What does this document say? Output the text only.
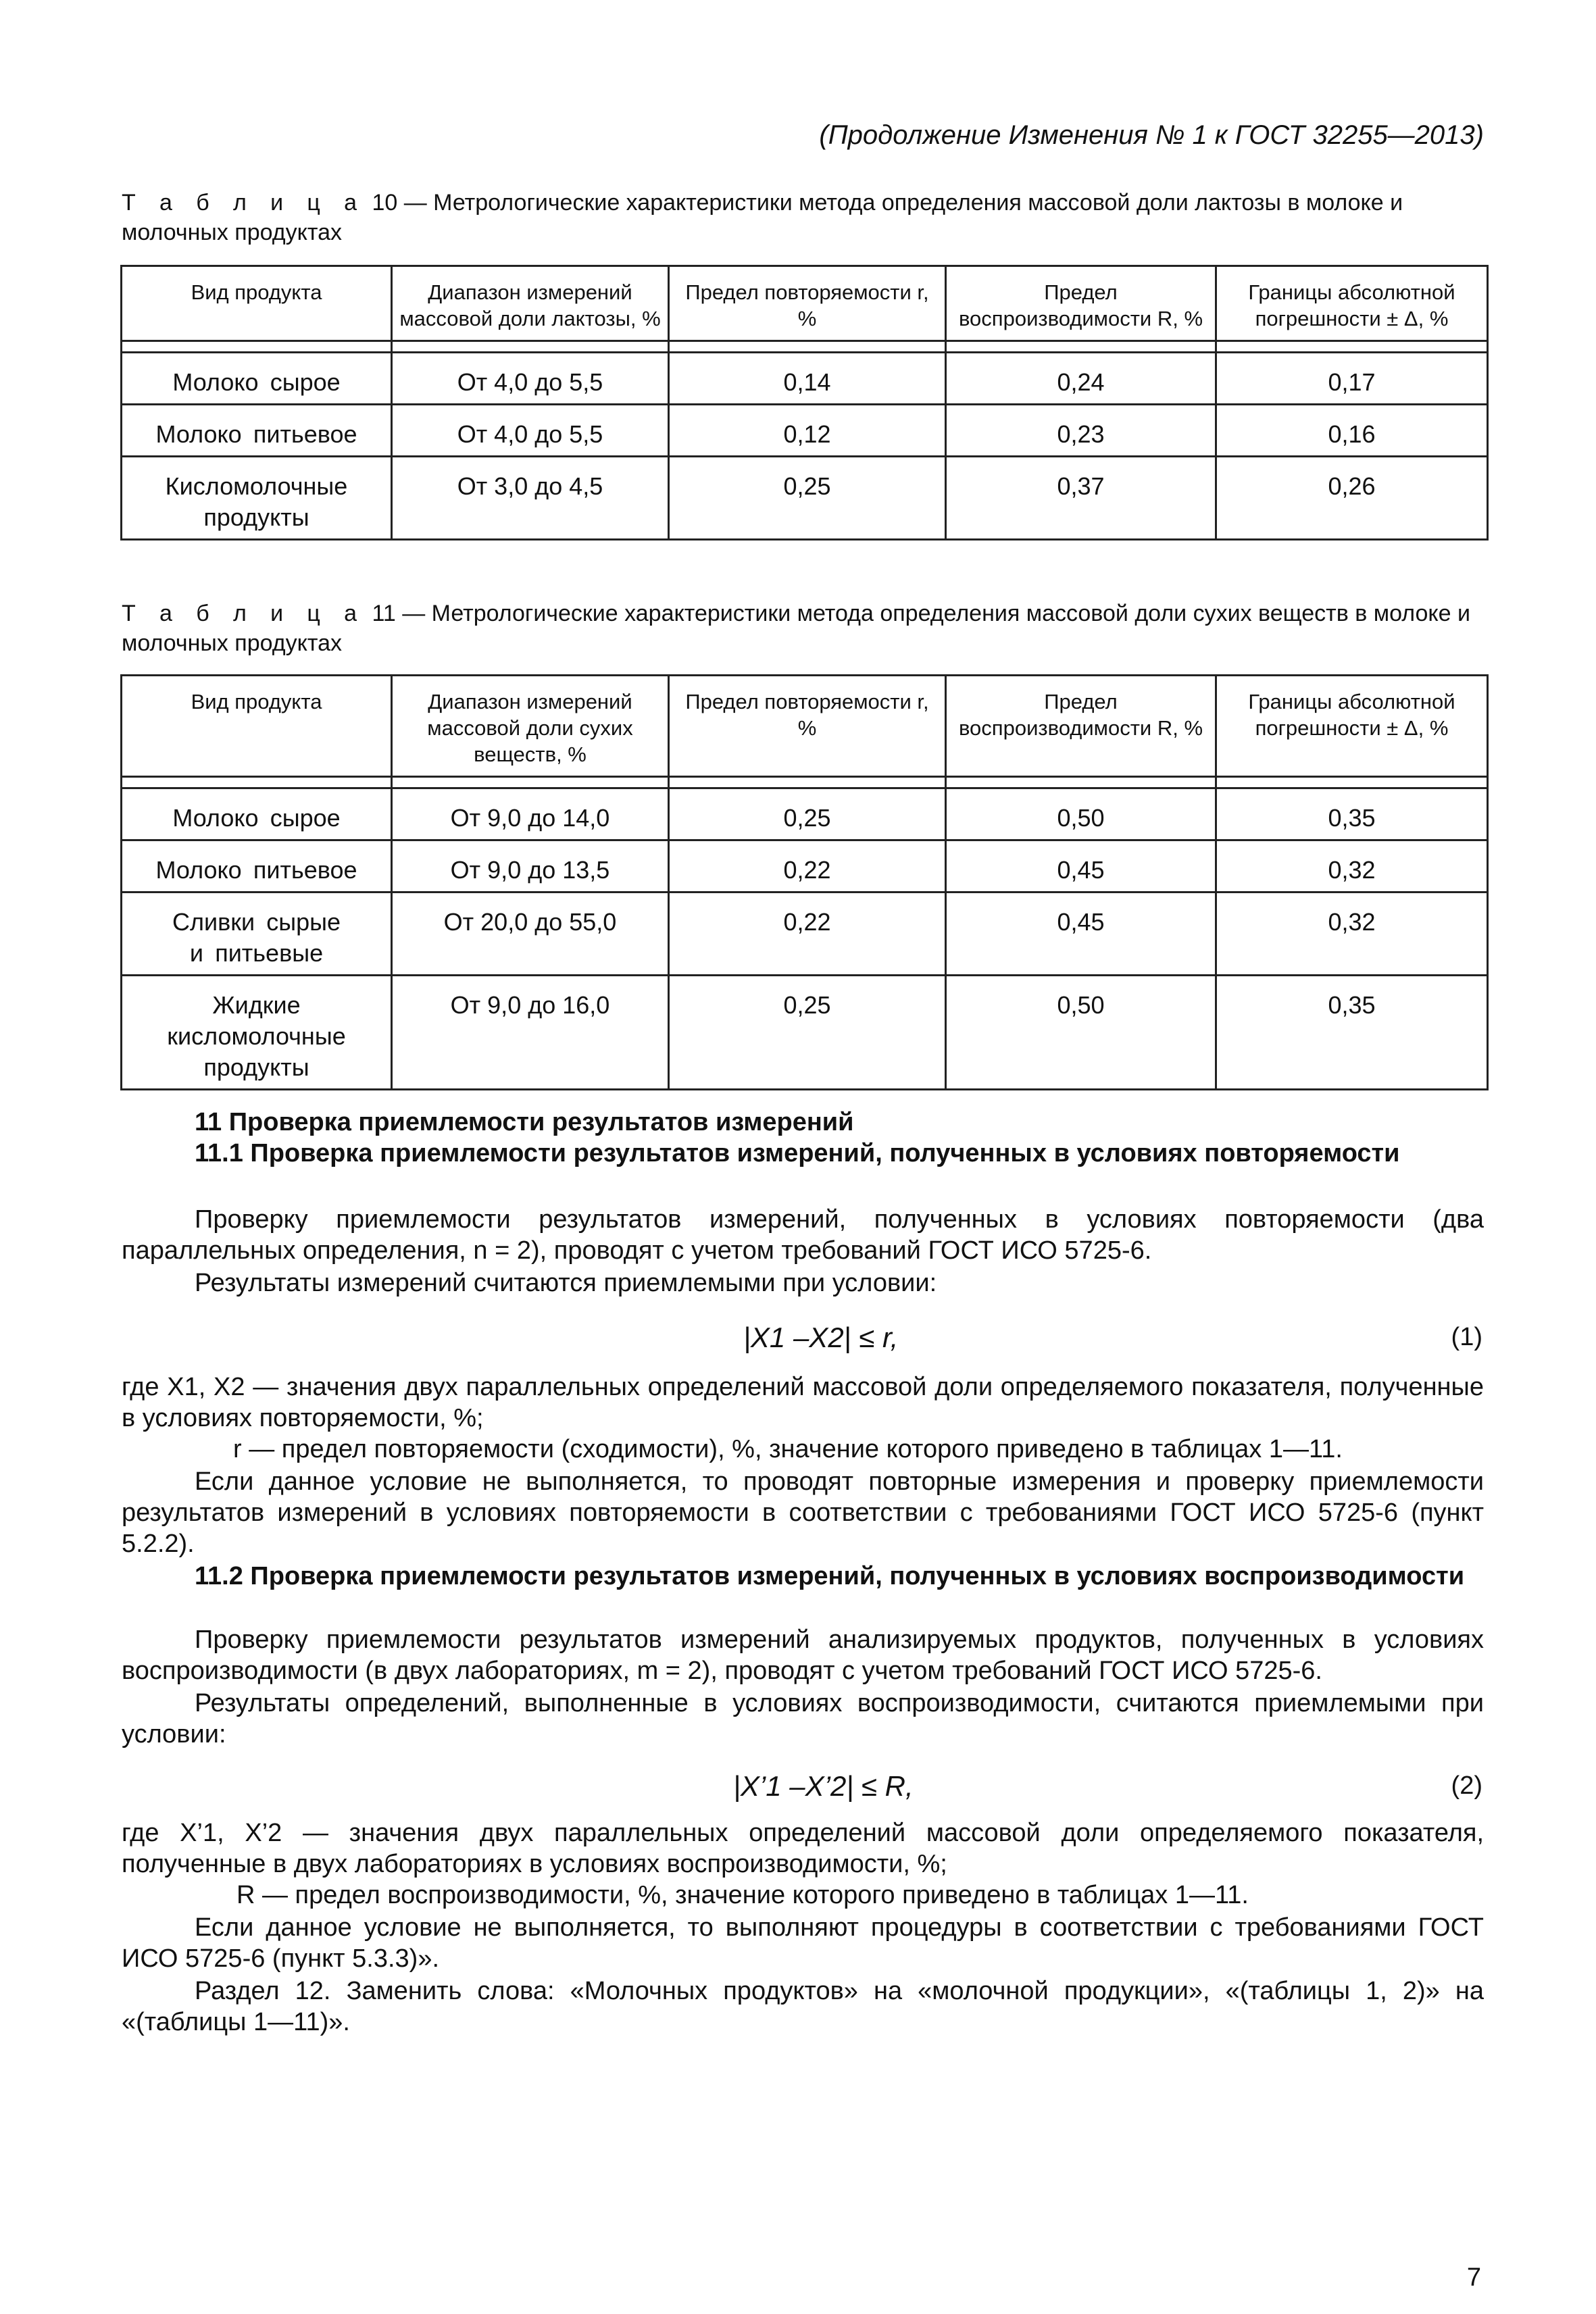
(Продолжение Изменения № 1 к ГОСТ 32255—2013)
Т а б л и ц а 10 — Метрологические характеристики метода определения массовой доли лактозы в молоке и молочных продуктах
Вид продукта	Диапазон измерений массовой доли лактозы, %	Предел повторяемости r, %	Предел воспроизводимости R, %	Границы абсолютной погрешности ± Δ, %

Молоко сырое	От 4,0 до 5,5	0,14	0,24	0,17
Молоко питьевое	От 4,0 до 5,5	0,12	0,23	0,16
Кисломолочные продукты	От 3,0 до 4,5	0,25	0,37	0,26
Т а б л и ц а 11 — Метрологические характеристики метода определения массовой доли сухих веществ в молоке и молочных продуктах
Вид продукта	Диапазон измерений массовой доли сухих веществ, %	Предел повторяемости r, %	Предел воспроизводимости R, %	Границы абсолютной погрешности ± Δ, %

Молоко сырое	От 9,0 до 14,0	0,25	0,50	0,35
Молоко питьевое	От 9,0 до 13,5	0,22	0,45	0,32
Сливки сырые и питьевые	От 20,0 до 55,0	0,22	0,45	0,32
Жидкие кисломолочные продукты	От 9,0 до 16,0	0,25	0,50	0,35
11 Проверка приемлемости результатов измерений
11.1 Проверка приемлемости результатов измерений, полученных в условиях повторяемости
Проверку приемлемости результатов измерений, полученных в условиях повторяемости (два параллельных определения, n = 2), проводят с учетом требований ГОСТ ИСО 5725-6.
Результаты измерений считаются приемлемыми при условии:
|X1 –X2| ≤ r,	(1)
где X1, X2 — значения двух параллельных определений массовой доли определяемого показателя, полученные в условиях повторяемости, %;
r — предел повторяемости (сходимости), %, значение которого приведено в таблицах 1—11.
Если данное условие не выполняется, то проводят повторные измерения и проверку приемлемости результатов измерений в условиях повторяемости в соответствии с требованиями ГОСТ ИСО 5725-6 (пункт 5.2.2).
11.2 Проверка приемлемости результатов измерений, полученных в условиях воспроизводимости
Проверку приемлемости результатов измерений анализируемых продуктов, полученных в условиях воспроизводимости (в двух лабораториях, m = 2), проводят с учетом требований ГОСТ ИСО 5725-6.
Результаты определений, выполненные в условиях воспроизводимости, считаются приемлемыми при условии:
|X’1 –X’2| ≤ R,	(2)
где X’1, X’2 — значения двух параллельных определений массовой доли определяемого показателя, полученные в двух лабораториях в условиях воспроизводимости, %;
R — предел воспроизводимости, %, значение которого приведено в таблицах 1—11.
Если данное условие не выполняется, то выполняют процедуры в соответствии с требованиями ГОСТ ИСО 5725-6 (пункт 5.3.3)».
Раздел 12. Заменить слова: «Молочных продуктов» на «молочной продукции», «(таблицы 1, 2)» на «(таблицы 1—11)».
7
